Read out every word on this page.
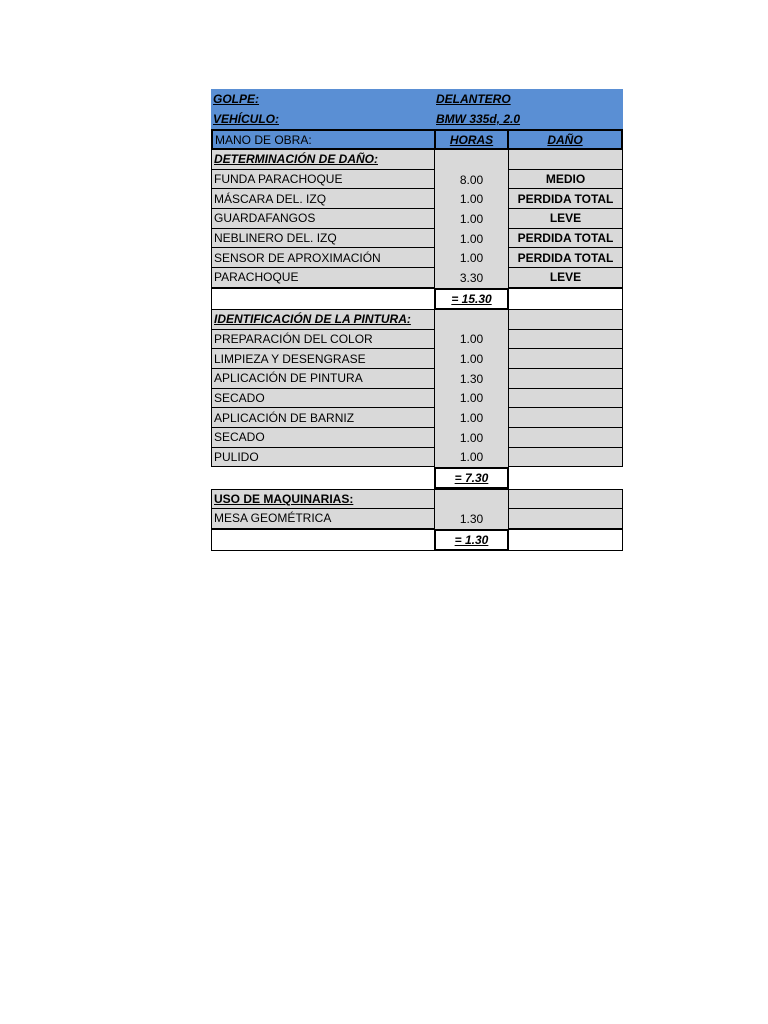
GOLPE:	DELANTERO
VEHÍCULO:	BMW 335d, 2.0
MANO DE OBRA:	HORAS	DAÑO
DETERMINACIÓN DE DAÑO:
FUNDA PARACHOQUE	8.00	MEDIO
MÁSCARA DEL. IZQ	1.00	PERDIDA TOTAL
GUARDAFANGOS	1.00	LEVE
NEBLINERO DEL. IZQ	1.00	PERDIDA TOTAL
SENSOR DE APROXIMACIÓN	1.00	PERDIDA TOTAL
PARACHOQUE	3.30	LEVE
= 15.30
IDENTIFICACIÓN DE LA PINTURA:
PREPARACIÓN DEL COLOR	1.00
LIMPIEZA Y DESENGRASE	1.00
APLICACIÓN DE PINTURA	1.30
SECADO	1.00
APLICACIÓN DE BARNIZ	1.00
SECADO	1.00
PULIDO	1.00
= 7.30
USO DE MAQUINARIAS:
MESA GEOMÉTRICA	1.30
= 1.30
